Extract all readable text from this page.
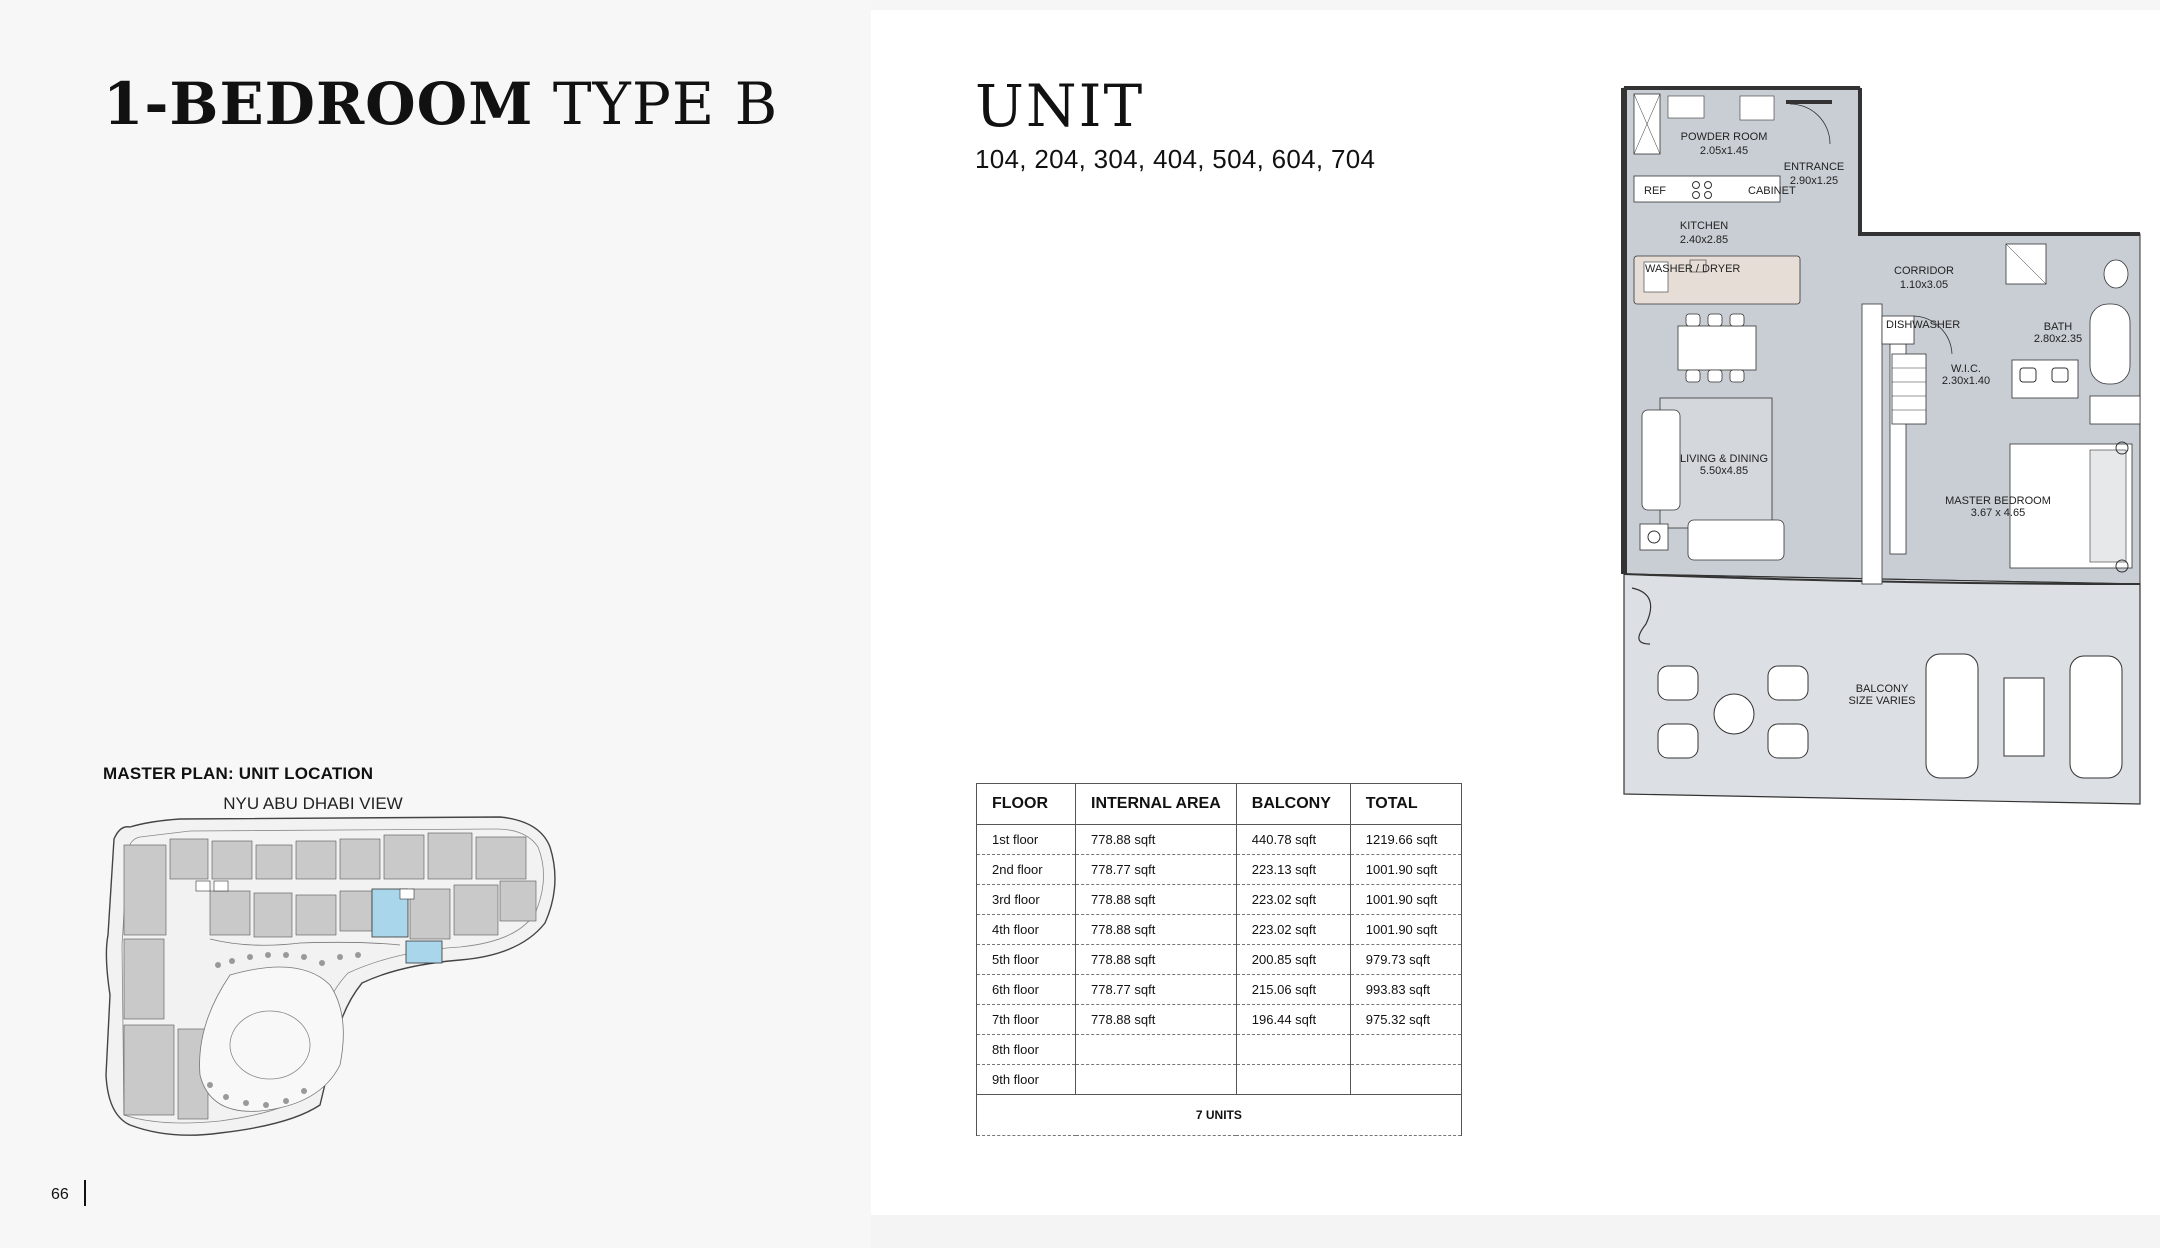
1-BEDROOM TYPE B
MASTER PLAN: UNIT LOCATION
NYU ABU DHABI VIEW
66
UNIT
104, 204, 304, 404, 504, 604, 704
FLOOR	INTERNAL AREA	BALCONY	TOTAL
1st floor	778.88 sqft	440.78 sqft	1219.66 sqft
2nd floor	778.77 sqft	223.13 sqft	1001.90 sqft
3rd floor	778.88 sqft	223.02 sqft	1001.90 sqft
4th floor	778.88 sqft	223.02 sqft	1001.90 sqft
5th floor	778.88 sqft	200.85 sqft	979.73 sqft
6th floor	778.77 sqft	215.06 sqft	993.83 sqft
7th floor	778.88 sqft	196.44 sqft	975.32 sqft
8th floor			
9th floor			
7 UNITS			
REF	CABINET
WASHER / DRYER
DISHWASHER
POWDER ROOM
2.05x1.45
ENTRANCE
2.90x1.25
KITCHEN
2.40x2.85
CORRIDOR
1.10x3.05
BATH
2.80x2.35
W.I.C.
2.30x1.40
LIVING & DINING
5.50x4.85
MASTER BEDROOM
3.67 x 4.65
BALCONY
SIZE VARIES
